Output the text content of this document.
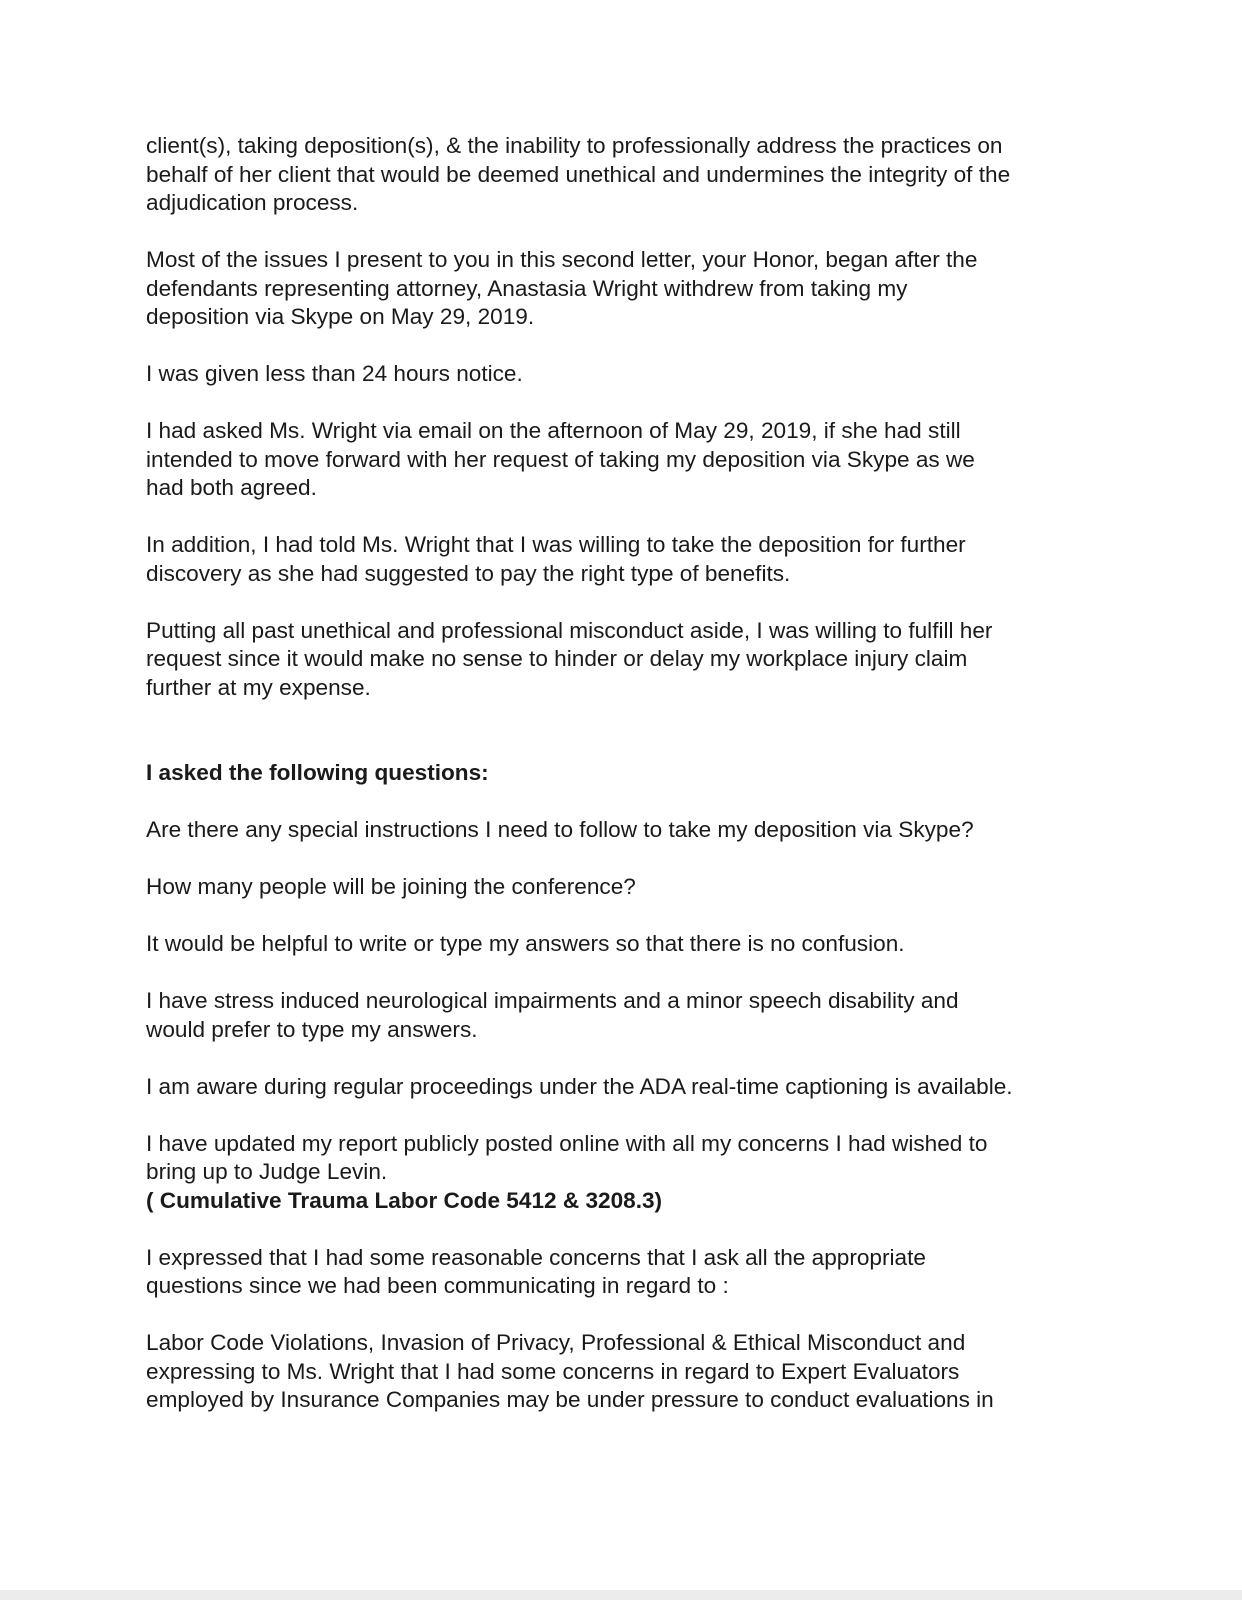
client(s), taking deposition(s), & the inability to professionally address the practices on
behalf of her client that would be deemed unethical and undermines the integrity of the
adjudication process.

Most of the issues I present to you in this second letter, your Honor, began after the
defendants representing attorney, Anastasia Wright withdrew from taking my
deposition via Skype on May 29, 2019.

I was given less than 24 hours notice.

I had asked Ms. Wright via email on the afternoon of May 29, 2019, if she had still
intended to move forward with her request of taking my deposition via Skype as we
had both agreed.

In addition, I had told Ms. Wright that I was willing to take the deposition for further
discovery as she had suggested to pay the right type of benefits.

Putting all past unethical and professional misconduct aside, I was willing to fulfill her
request since it would make no sense to hinder or delay my workplace injury claim
further at my expense.

I asked the following questions:

Are there any special instructions I need to follow to take my deposition via Skype?

How many people will be joining the conference?

It would be helpful to write or type my answers so that there is no confusion.

I have stress induced neurological impairments and a minor speech disability and
would prefer to type my answers.

I am aware during regular proceedings under the ADA real-time captioning is available.

I have updated my report publicly posted online with all my concerns I had wished to
bring up to Judge Levin.

( Cumulative Trauma Labor Code 5412 & 3208.3)

I expressed that I had some reasonable concerns that I ask all the appropriate
questions since we had been communicating in regard to :

Labor Code Violations, Invasion of Privacy, Professional & Ethical Misconduct and
expressing to Ms. Wright that I had some concerns in regard to Expert Evaluators
employed by Insurance Companies may be under pressure to conduct evaluations in
